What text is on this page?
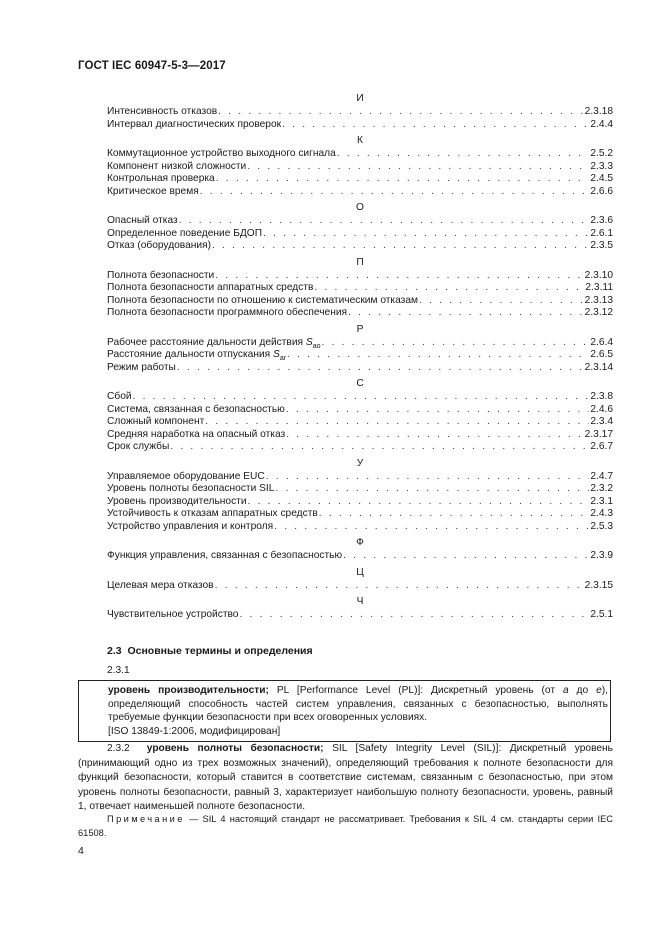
ГОСТ IEC 60947-5-3—2017
И
Интенсивность отказов . . .	2.3.18
Интервал диагностических проверок . . .	2.4.4
К
Коммутационное устройство выходного сигнала . . .	2.5.2
Компонент низкой сложности . . .	2.3.3
Контрольная проверка . . .	2.4.5
Критическое время . . .	2.6.6
О
Опасный отказ . . .	2.3.6
Определенное поведение БДОП . . .	2.6.1
Отказ (оборудования) . . .	2.3.5
П
Полнота безопасности . . .	2.3.10
Полнота безопасности аппаратных средств . . .	2.3.11
Полнота безопасности по отношению к систематическим отказам . . .	2.3.13
Полнота безопасности программного обеспечения . . .	2.3.12
Р
Рабочее расстояние дальности действия $S_{ao}$ . . .	2.6.4
Расстояние дальности отпускания $S_{ar}$ . . .	2.6.5
Режим работы . . .	2.3.14
С
Сбой . . .	2.3.8
Система, связанная с безопасностью . . .	2.4.6
Сложный компонент . . .	2.3.4
Средняя наработка на опасный отказ . . .	2.3.17
Срок службы . . .	2.6.7
У
Управляемое оборудование EUC . . .	2.4.7
Уровень полноты безопасности SIL . . .	2.3.2
Уровень производительности . . .	2.3.1
Устойчивость к отказам аппаратных средств . . .	2.4.3
Устройство управления и контроля . . .	2.5.3
Ф
Функция управления, связанная с безопасностью . . .	2.3.9
Ц
Целевая мера отказов . . .	2.3.15
Ч
Чувствительное устройство . . .	2.5.1
2.3 Основные термины и определения
2.3.1

уровень производительности; PL [Performance Level (PL)]: Дискретный уровень (от а до е), определяющий способность частей систем управления, связанных с безопасностью, выполнять требуемые функции безопасности при всех оговоренных условиях.

[ISO 13849-1:2006, модифицирован]

2.3.2 уровень полноты безопасности; SIL [Safety Integrity Level (SIL)]: Дискретный уровень (принимающий одно из трех возможных значений), определяющий требования к полноте безопасности для функций безопасности, который ставится в соответствие системам, связанным с безопасностью, при этом уровень полноты безопасности, равный 3, характеризует наибольшую полноту безопасности, уровень, равный 1, отвечает наименьшей полноте безопасности.
Примечание — SIL 4 настоящий стандарт не рассматривает. Требования к SIL 4 см. стандарты серии IEC 61508.
4
